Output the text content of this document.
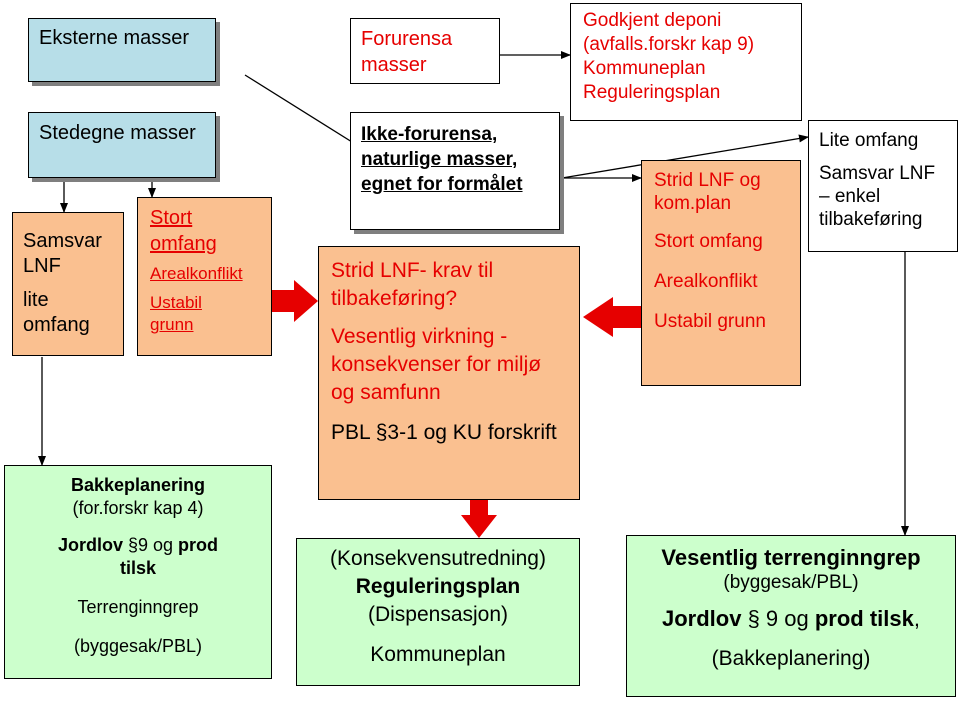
Eksterne masser
Stedegne masser
Samsvar LNF
lite omfang
Stort omfang
Arealkonflikt
Ustabil grunn
Forurensa masser
Ikke-forurensa, naturlige masser, egnet for formålet
Strid LNF- krav til tilbakeføring?
Vesentlig virkning - konsekvenser for miljø og samfunn
PBL §3-1 og KU forskrift
Godkjent deponi (avfalls.forskr kap 9)
Kommuneplan
Reguleringsplan
Strid LNF og kom.plan
Stort omfang
Arealkonflikt
Ustabil grunn
Lite omfang
Samsvar LNF – enkel tilbakeføring
Bakkeplanering
(for.forskr kap 4)
Jordlov §9 og prod
tilsk
Terrenginngrep
(byggesak/PBL)
(Konsekvensutredning)
Reguleringsplan
(Dispensasjon)
Kommuneplan
Vesentlig terrenginngrep
(byggesak/PBL)
Jordlov § 9 og prod tilsk,
(Bakkeplanering)
